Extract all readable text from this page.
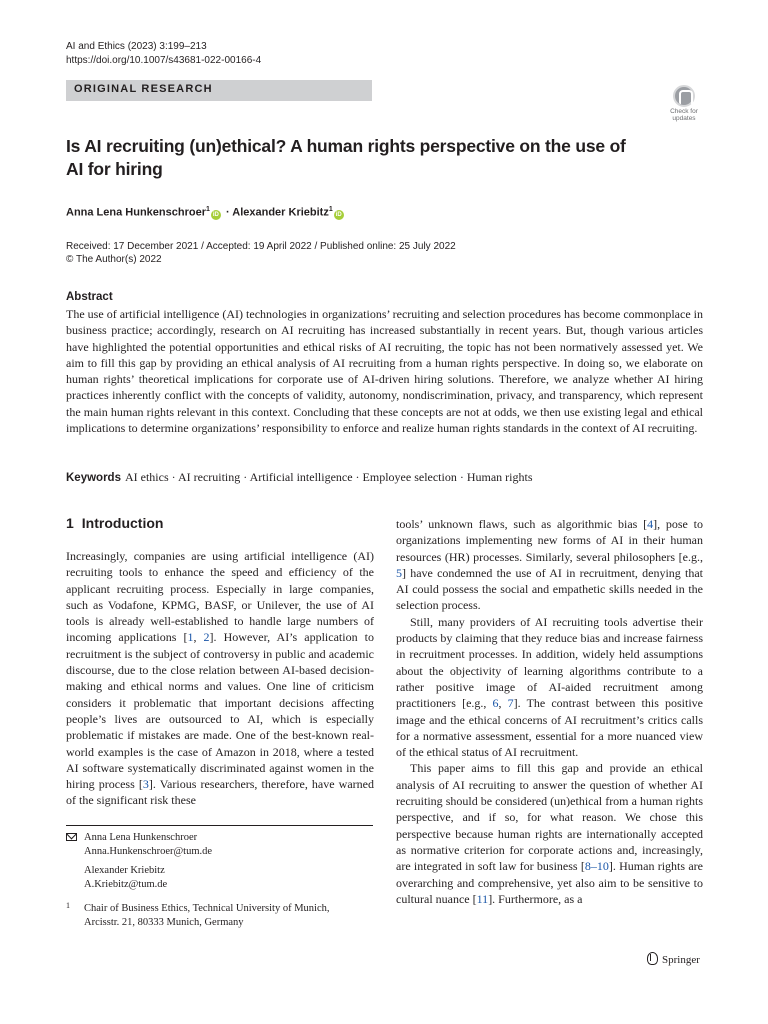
AI and Ethics (2023) 3:199–213
https://doi.org/10.1007/s43681-022-00166-4
ORIGINAL RESEARCH
Check for
updates
Is AI recruiting (un)ethical? A human rights perspective on the use of AI for hiring
Anna Lena Hunkenschroer$^1$iD · Alexander Kriebitz$^1$iD
Received: 17 December 2021 / Accepted: 19 April 2022 / Published online: 25 July 2022
© The Author(s) 2022
Abstract

The use of artificial intelligence (AI) technologies in organizations’ recruiting and selection procedures has become commonplace in business practice; accordingly, research on AI recruiting has increased substantially in recent years. But, though various articles have highlighted the potential opportunities and ethical risks of AI recruiting, the topic has not been normatively assessed yet. We aim to fill this gap by providing an ethical analysis of AI recruiting from a human rights perspective. In doing so, we elaborate on human rights’ theoretical implications for corporate use of AI-driven hiring solutions. Therefore, we analyze whether AI hiring practices inherently conflict with the concepts of validity, autonomy, nondiscrimination, privacy, and transparency, which represent the main human rights relevant in this context. Concluding that these concepts are not at odds, we then use existing legal and ethical implications to determine organizations’ responsibility to enforce and realize human rights standards in the context of AI recruiting.

Keywords AI ethics · AI recruiting · Artificial intelligence · Employee selection · Human rights
1 Introduction

Increasingly, companies are using artificial intelligence (AI) recruiting tools to enhance the speed and efficiency of the applicant recruiting process. Especially in large companies, such as Vodafone, KPMG, BASF, or Unilever, the use of AI tools is already well-established to handle large numbers of incoming applications [1, 2]. However, AI’s application to recruitment is the subject of controversy in public and academic discourse, due to the close relation between AI-based decision-making and ethical norms and values. One line of criticism considers it problematic that important decisions affecting people’s lives are outsourced to AI, which is especially problematic if mistakes are made. One of the best-known real-world examples is the case of Amazon in 2018, where a tested AI software systematically discriminated against women in the hiring process [3]. Various researchers, therefore, have warned of the significant risk these

tools’ unknown flaws, such as algorithmic bias [4], pose to organizations implementing new forms of AI in their human resources (HR) processes. Similarly, several philosophers [e.g., 5] have condemned the use of AI in recruitment, denying that AI could possess the social and empathetic skills needed in the selection process.

Still, many providers of AI recruiting tools advertise their products by claiming that they reduce bias and increase fairness in recruitment processes. In addition, widely held assumptions about the objectivity of learning algorithms contribute to a rather positive image of AI-aided recruitment among practitioners [e.g., 6, 7]. The contrast between this positive image and the ethical concerns of AI recruitment’s critics calls for a normative assessment, essential for a more nuanced view of the ethical status of AI recruitment.

This paper aims to fill this gap and provide an ethical analysis of AI recruiting to answer the question of whether AI recruiting should be considered (un)ethical from a human rights perspective, and if so, for what reason. We chose this perspective because human rights are internationally accepted as normative criterion for corporate actions and, increasingly, are integrated in soft law for business [8–10]. Human rights are overarching and comprehensive, yet also aim to be sensitive to cultural nuance [11]. Furthermore, as a

Anna Lena Hunkenschroer
Anna.Hunkenschroer@tum.de
Alexander Kriebitz
A.Kriebitz@tum.de
1 Chair of Business Ethics, Technical University of Munich,
Arcisstr. 21, 80333 Munich, Germany
Springer
